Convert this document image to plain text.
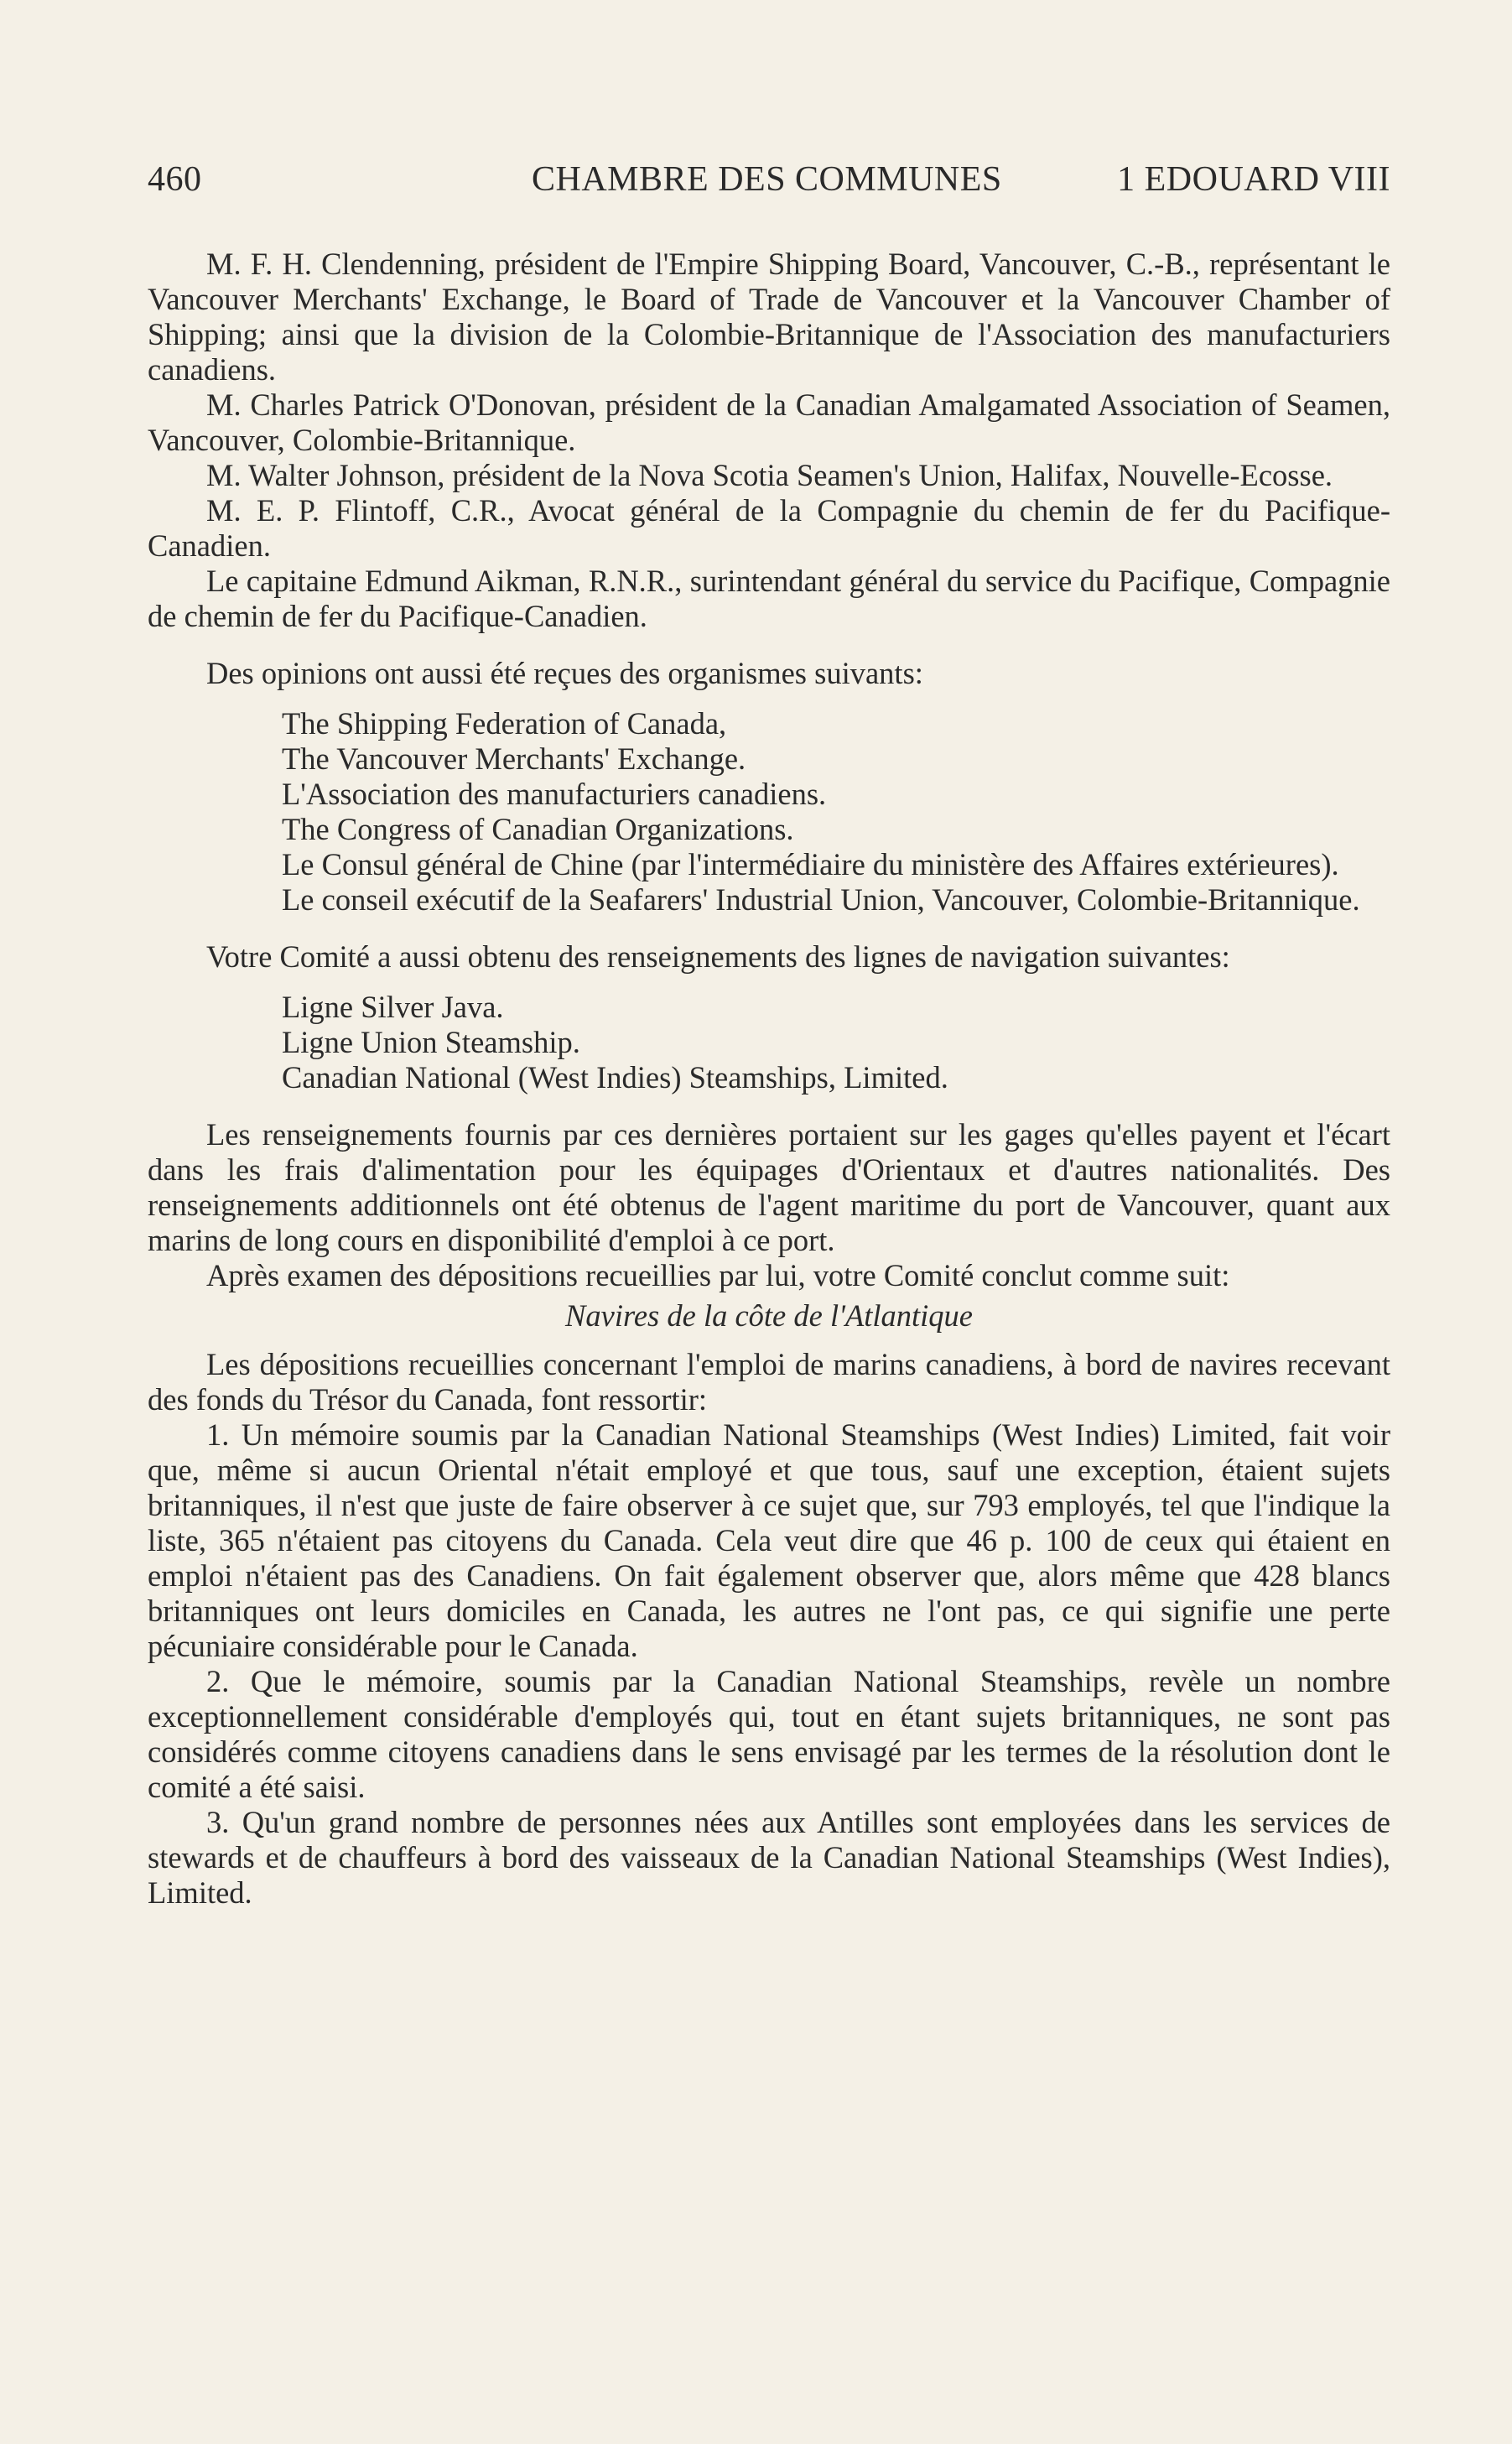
460	CHAMBRE DES COMMUNES	1 EDOUARD VIII

M. F. H. Clendenning, président de l'Empire Shipping Board, Vancouver, C.-B., représentant le Vancouver Merchants' Exchange, le Board of Trade de Vancouver et la Vancouver Chamber of Shipping; ainsi que la division de la Colombie-Britannique de l'Association des manufacturiers canadiens.

M. Charles Patrick O'Donovan, président de la Canadian Amalgamated Association of Seamen, Vancouver, Colombie-Britannique.

M. Walter Johnson, président de la Nova Scotia Seamen's Union, Halifax, Nouvelle-Ecosse.

M. E. P. Flintoff, C.R., Avocat général de la Compagnie du chemin de fer du Pacifique-Canadien.

Le capitaine Edmund Aikman, R.N.R., surintendant général du service du Pacifique, Compagnie de chemin de fer du Pacifique-Canadien.

Des opinions ont aussi été reçues des organismes suivants:

The Shipping Federation of Canada,

The Vancouver Merchants' Exchange.

L'Association des manufacturiers canadiens.

The Congress of Canadian Organizations.

Le Consul général de Chine (par l'intermédiaire du ministère des Affaires extérieures).

Le conseil exécutif de la Seafarers' Industrial Union, Vancouver, Colombie-Britannique.

Votre Comité a aussi obtenu des renseignements des lignes de navigation suivantes:

Ligne Silver Java.

Ligne Union Steamship.

Canadian National (West Indies) Steamships, Limited.

Les renseignements fournis par ces dernières portaient sur les gages qu'elles payent et l'écart dans les frais d'alimentation pour les équipages d'Orientaux et d'autres nationalités. Des renseignements additionnels ont été obtenus de l'agent maritime du port de Vancouver, quant aux marins de long cours en disponibilité d'emploi à ce port.

Après examen des dépositions recueillies par lui, votre Comité conclut comme suit:

Navires de la côte de l'Atlantique

Les dépositions recueillies concernant l'emploi de marins canadiens, à bord de navires recevant des fonds du Trésor du Canada, font ressortir:

1. Un mémoire soumis par la Canadian National Steamships (West Indies) Limited, fait voir que, même si aucun Oriental n'était employé et que tous, sauf une exception, étaient sujets britanniques, il n'est que juste de faire observer à ce sujet que, sur 793 employés, tel que l'indique la liste, 365 n'étaient pas citoyens du Canada. Cela veut dire que 46 p. 100 de ceux qui étaient en emploi n'étaient pas des Canadiens. On fait également observer que, alors même que 428 blancs britanniques ont leurs domiciles en Canada, les autres ne l'ont pas, ce qui signifie une perte pécuniaire considérable pour le Canada.

2. Que le mémoire, soumis par la Canadian National Steamships, revèle un nombre exceptionnellement considérable d'employés qui, tout en étant sujets britanniques, ne sont pas considérés comme citoyens canadiens dans le sens envisagé par les termes de la résolution dont le comité a été saisi.

3. Qu'un grand nombre de personnes nées aux Antilles sont employées dans les services de stewards et de chauffeurs à bord des vaisseaux de la Canadian National Steamships (West Indies), Limited.
